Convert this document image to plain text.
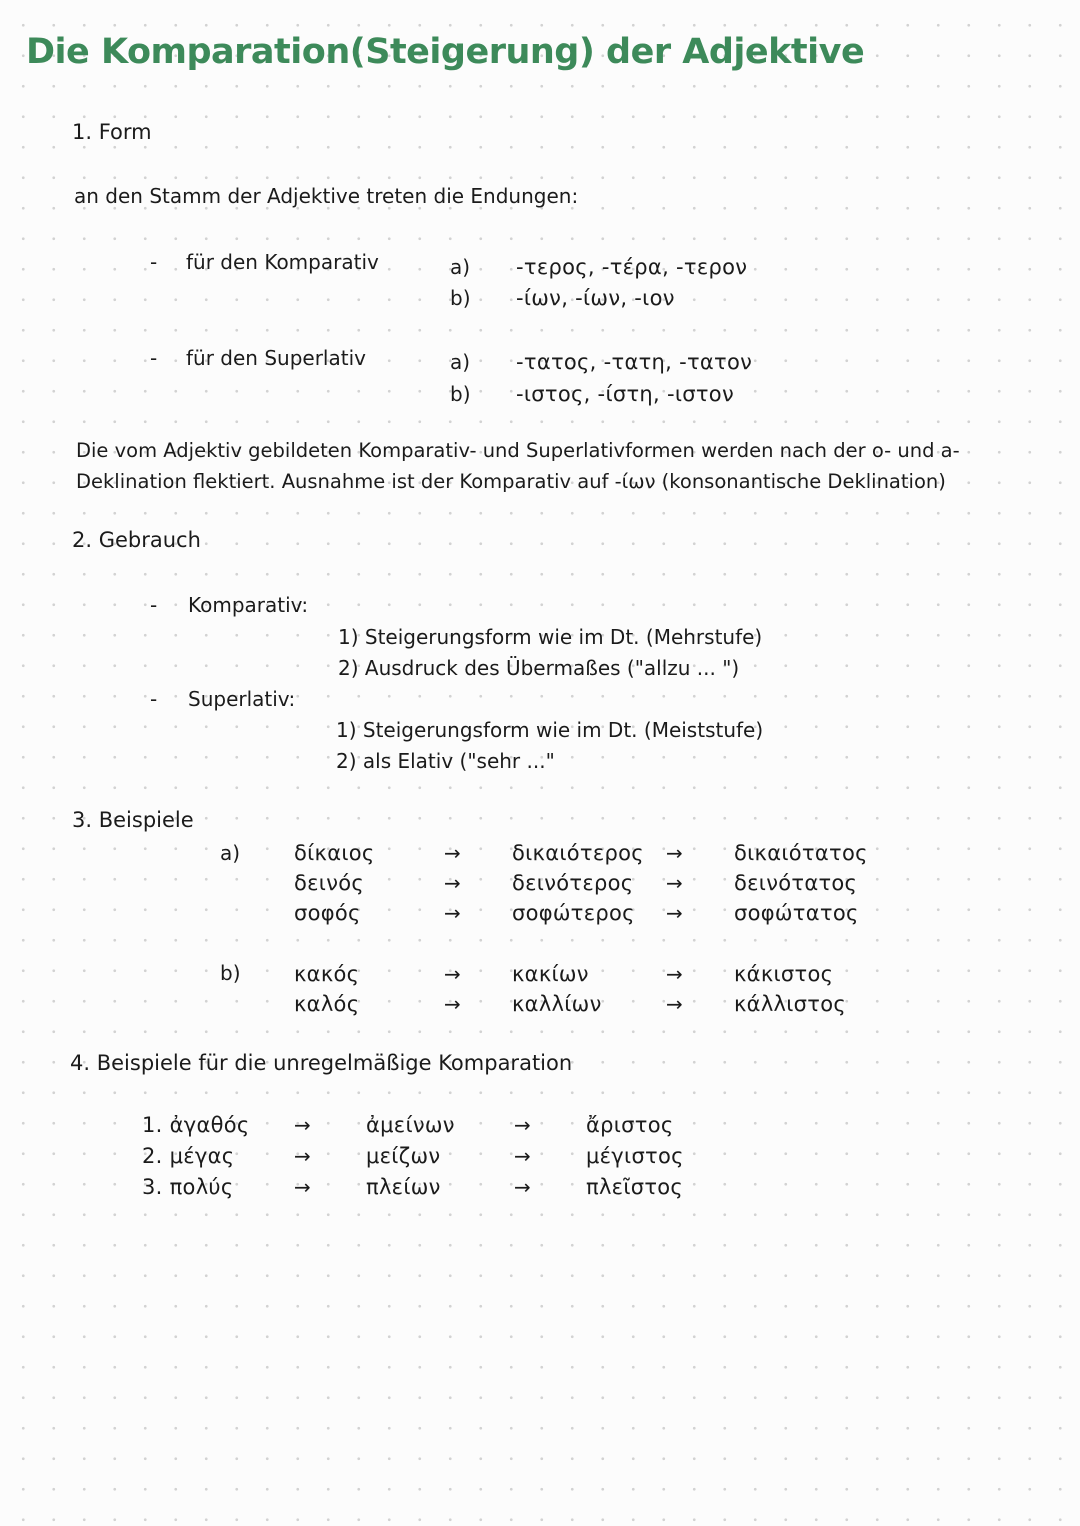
Die Komparation(Steigerung) der Adjektive
1. Form
an den Stamm der Adjektive treten die Endungen:
- für den Komparativ	a) -τερος, -τέρα, -τερον
b) -ίων, -ίων, -ιον
- für den Superlativ	a) -τατος, -τατη, -τατον
b) -ιστος, -ίστη, -ιστον
Die vom Adjektiv gebildeten Komparativ- und Superlativformen werden nach der o- und a-
Deklination flektiert. Ausnahme ist der Komparativ auf -ίων (konsonantische Deklination)
2. Gebrauch
- Komparativ:
1) Steigerungsform wie im Dt. (Mehrstufe)
2) Ausdruck des Übermaßes ("allzu ... ")
- Superlativ:
1) Steigerungsform wie im Dt. (Meiststufe)
2) als Elativ ("sehr ..."
3. Beispiele
a)	δίκαιος	→ δικαιότερος → δικαιότατος
δεινός	→ δεινότερος → δεινότατος
σοφός	→ σοφώτερος → σοφώτατος
b)	κακός	→ κακίων	→ κάκιστος
καλός	→ καλλίων	→ κάλλιστος
4. Beispiele für die unregelmäßige Komparation
1. ἀγαθός →	ἀμείνων	→	ἄριστος
2. μέγας	→	μείζων	→	μέγιστος
3. πολύς	→	πλείων	→	πλεῖστος
